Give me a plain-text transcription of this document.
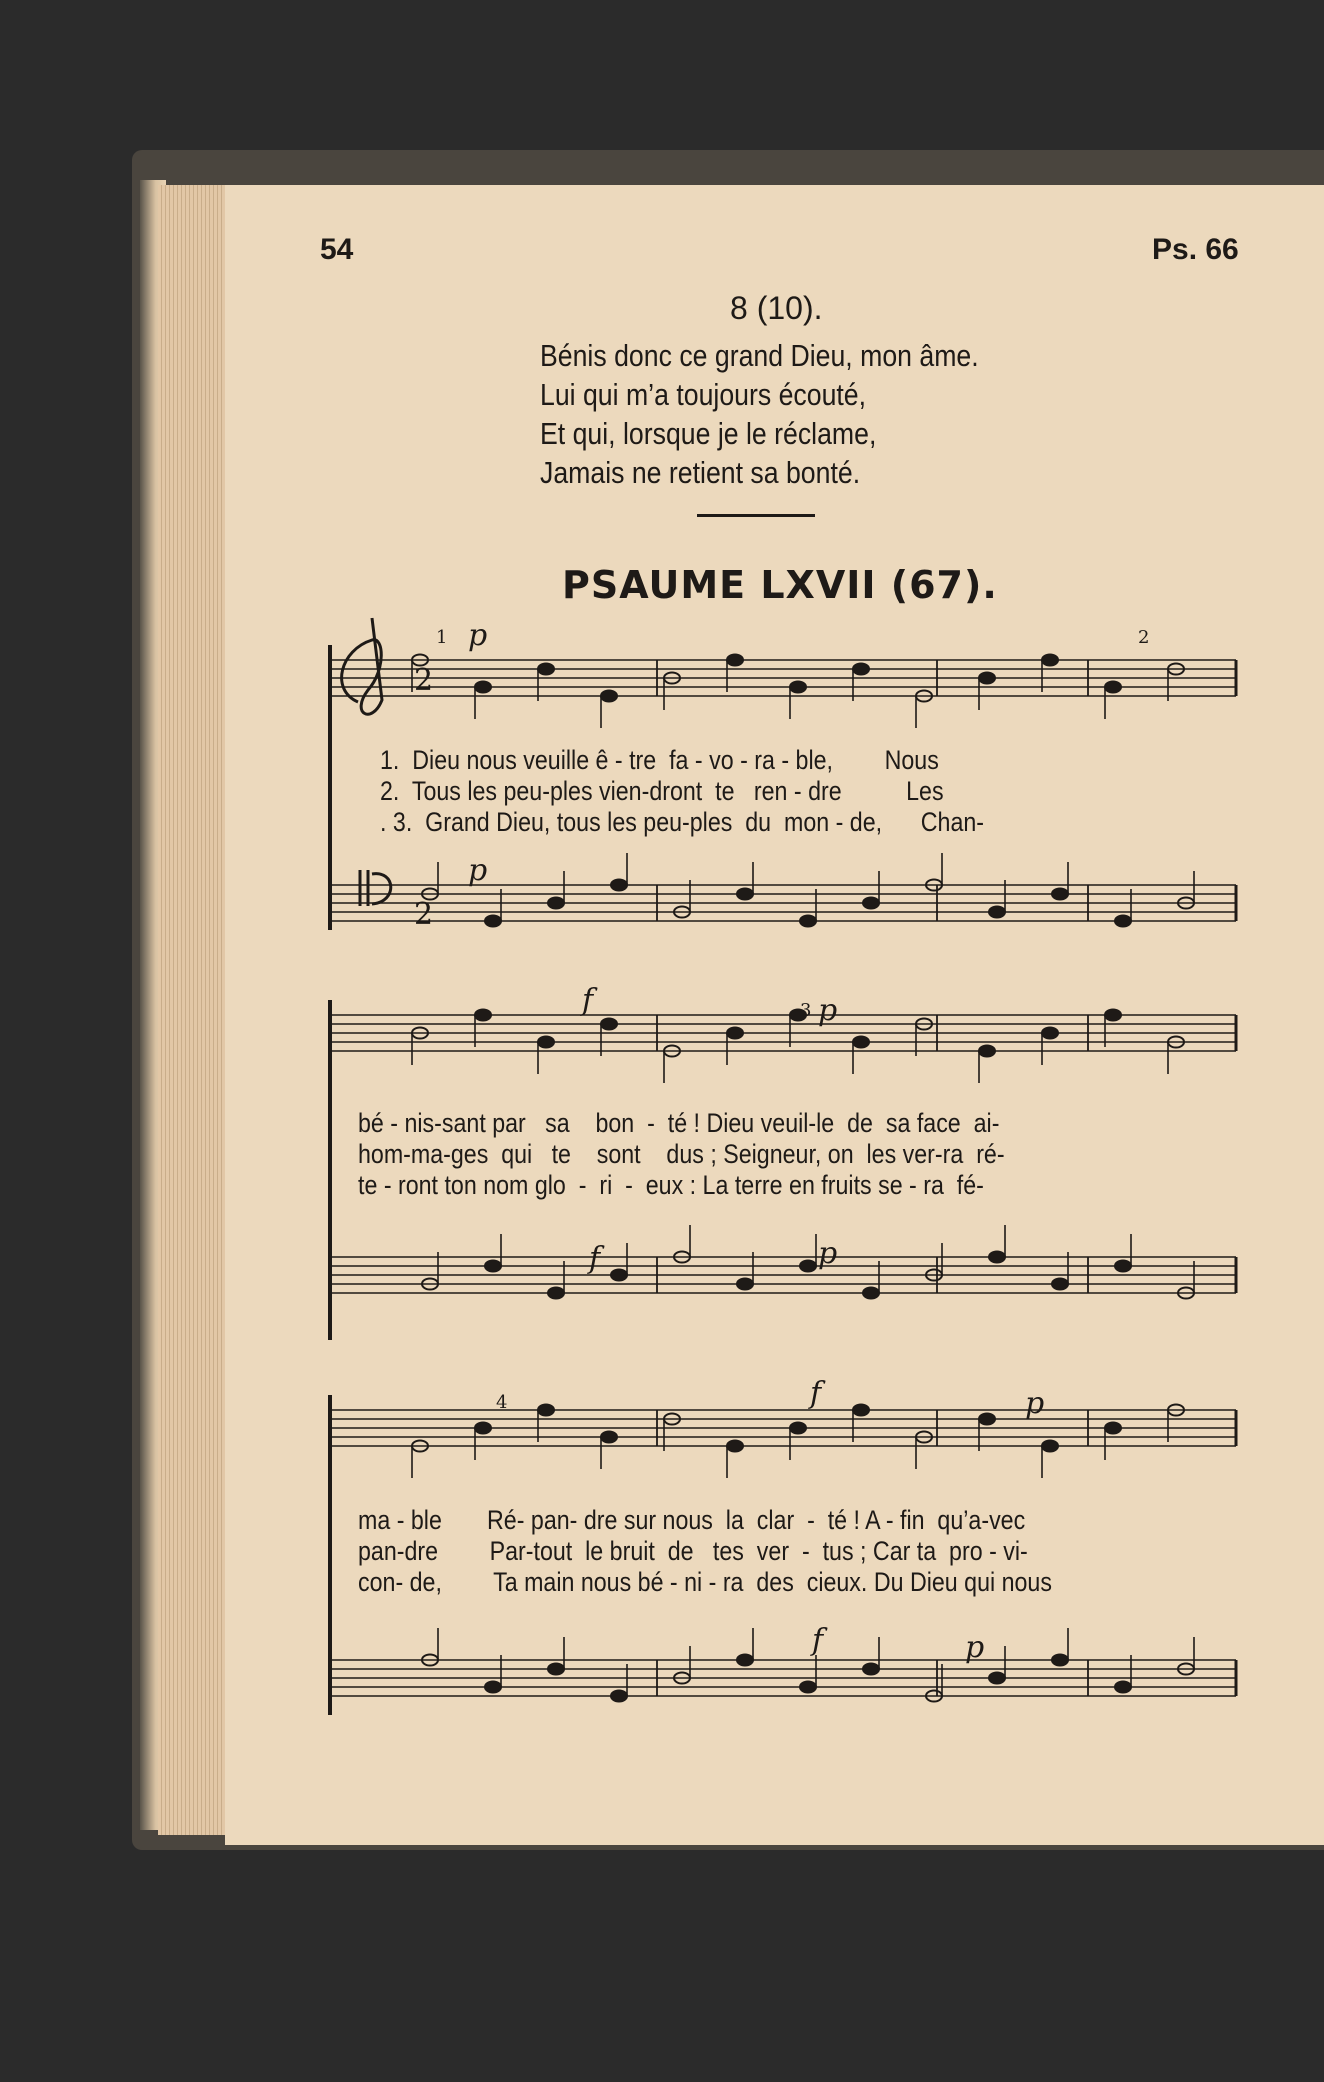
54	Ps. 66
8 (10).
Bénis donc ce grand Dieu, mon âme.
Lui qui m’a toujours écouté,
Et qui, lorsque je le réclame,
Jamais ne retient sa bonté.
PSAUME LXVII (67).
p
p
p
p
p
p
f
f
f
f
1	2
3
4
2
2
1.  Dieu nous veuille ê - tre  fa - vo - ra - ble,        Nous
2.  Tous les peu-ples vien-dront  te   ren - dre          Les
. 3.  Grand Dieu, tous les peu-ples  du  mon - de,      Chan-
bé - nis-sant par   sa    bon  -  té ! Dieu veuil-le  de  sa face  ai-
hom-ma-ges  qui   te    sont    dus ; Seigneur, on  les ver-ra  ré-
te - ront ton nom glo  -  ri  -  eux : La terre en fruits se - ra  fé-
ma - ble       Ré- pan- dre sur nous  la  clar  -  té ! A - fin  qu’a-vec
pan-dre        Par-tout  le bruit  de   tes  ver  -  tus ; Car ta  pro - vi-
con- de,        Ta main nous bé - ni - ra  des  cieux. Du Dieu qui nous
